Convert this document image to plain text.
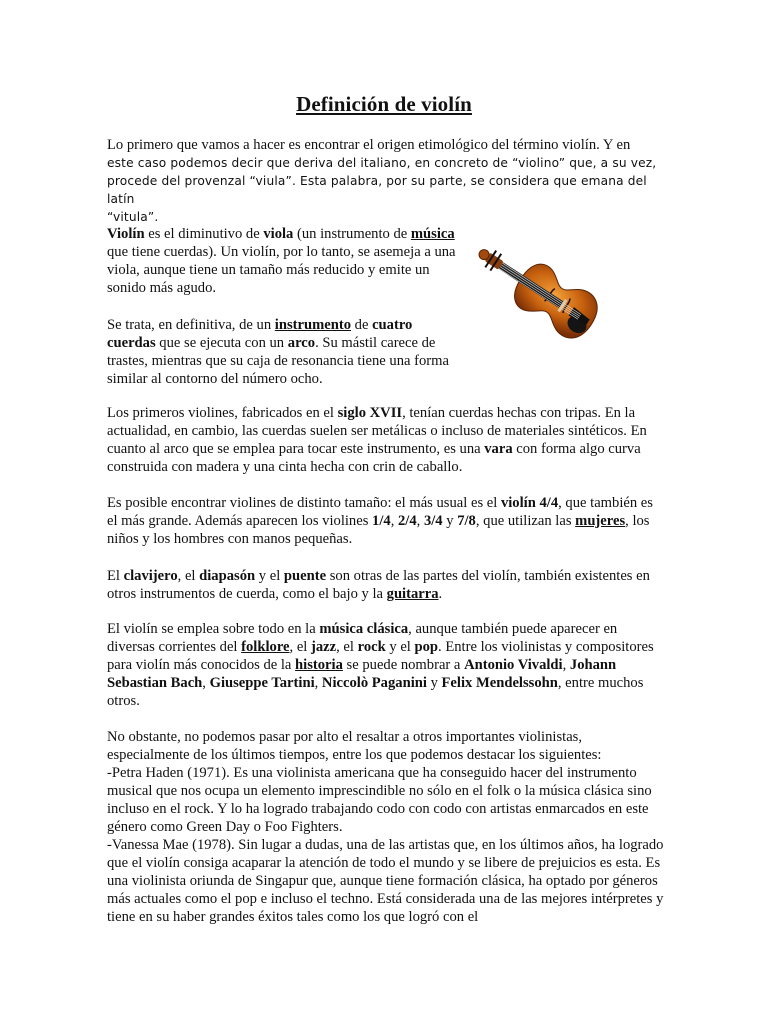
Definición de violín

Lo primero que vamos a hacer es encontrar el origen etimológico del término violín. Y en
este caso podemos decir que deriva del italiano, en concreto de “violino” que, a su vez,
procede del provenzal “viula”. Esta palabra, por su parte, se considera que emana del latín
“vitula”.

Violín es el diminutivo de viola (un instrumento de música que tiene cuerdas). Un violín, por lo tanto, se asemeja a una viola, aunque tiene un tamaño más reducido y emite un sonido más agudo.

Se trata, en definitiva, de un instrumento de cuatro cuerdas que se ejecuta con un arco. Su mástil carece de trastes, mientras que su caja de resonancia tiene una forma similar al contorno del número ocho.

Los primeros violines, fabricados en el siglo XVII, tenían cuerdas hechas con tripas. En la actualidad, en cambio, las cuerdas suelen ser metálicas o incluso de materiales sintéticos. En cuanto al arco que se emplea para tocar este instrumento, es una vara con forma algo curva construida con madera y una cinta hecha con crin de caballo.

Es posible encontrar violines de distinto tamaño: el más usual es el violín 4/4, que también es el más grande. Además aparecen los violines 1/4, 2/4, 3/4 y 7/8, que utilizan las mujeres, los niños y los hombres con manos pequeñas.

El clavijero, el diapasón y el puente son otras de las partes del violín, también existentes en otros instrumentos de cuerda, como el bajo y la guitarra.

El violín se emplea sobre todo en la música clásica, aunque también puede aparecer en diversas corrientes del folklore, el jazz, el rock y el pop. Entre los violinistas y compositores para violín más conocidos de la historia se puede nombrar a Antonio Vivaldi, Johann Sebastian Bach, Giuseppe Tartini, Niccolò Paganini y Felix Mendelssohn, entre muchos otros.

No obstante, no podemos pasar por alto el resaltar a otros importantes violinistas, especialmente de los últimos tiempos, entre los que podemos destacar los siguientes:
-Petra Haden (1971). Es una violinista americana que ha conseguido hacer del instrumento musical que nos ocupa un elemento imprescindible no sólo en el folk o la música clásica sino incluso en el rock. Y lo ha logrado trabajando codo con codo con artistas enmarcados en este género como Green Day o Foo Fighters.
-Vanessa Mae (1978). Sin lugar a dudas, una de las artistas que, en los últimos años, ha logrado que el violín consiga acaparar la atención de todo el mundo y se libere de prejuicios es esta. Es una violinista oriunda de Singapur que, aunque tiene formación clásica, ha optado por géneros más actuales como el pop e incluso el techno. Está considerada una de las mejores intérpretes y tiene en su haber grandes éxitos tales como los que logró con el
